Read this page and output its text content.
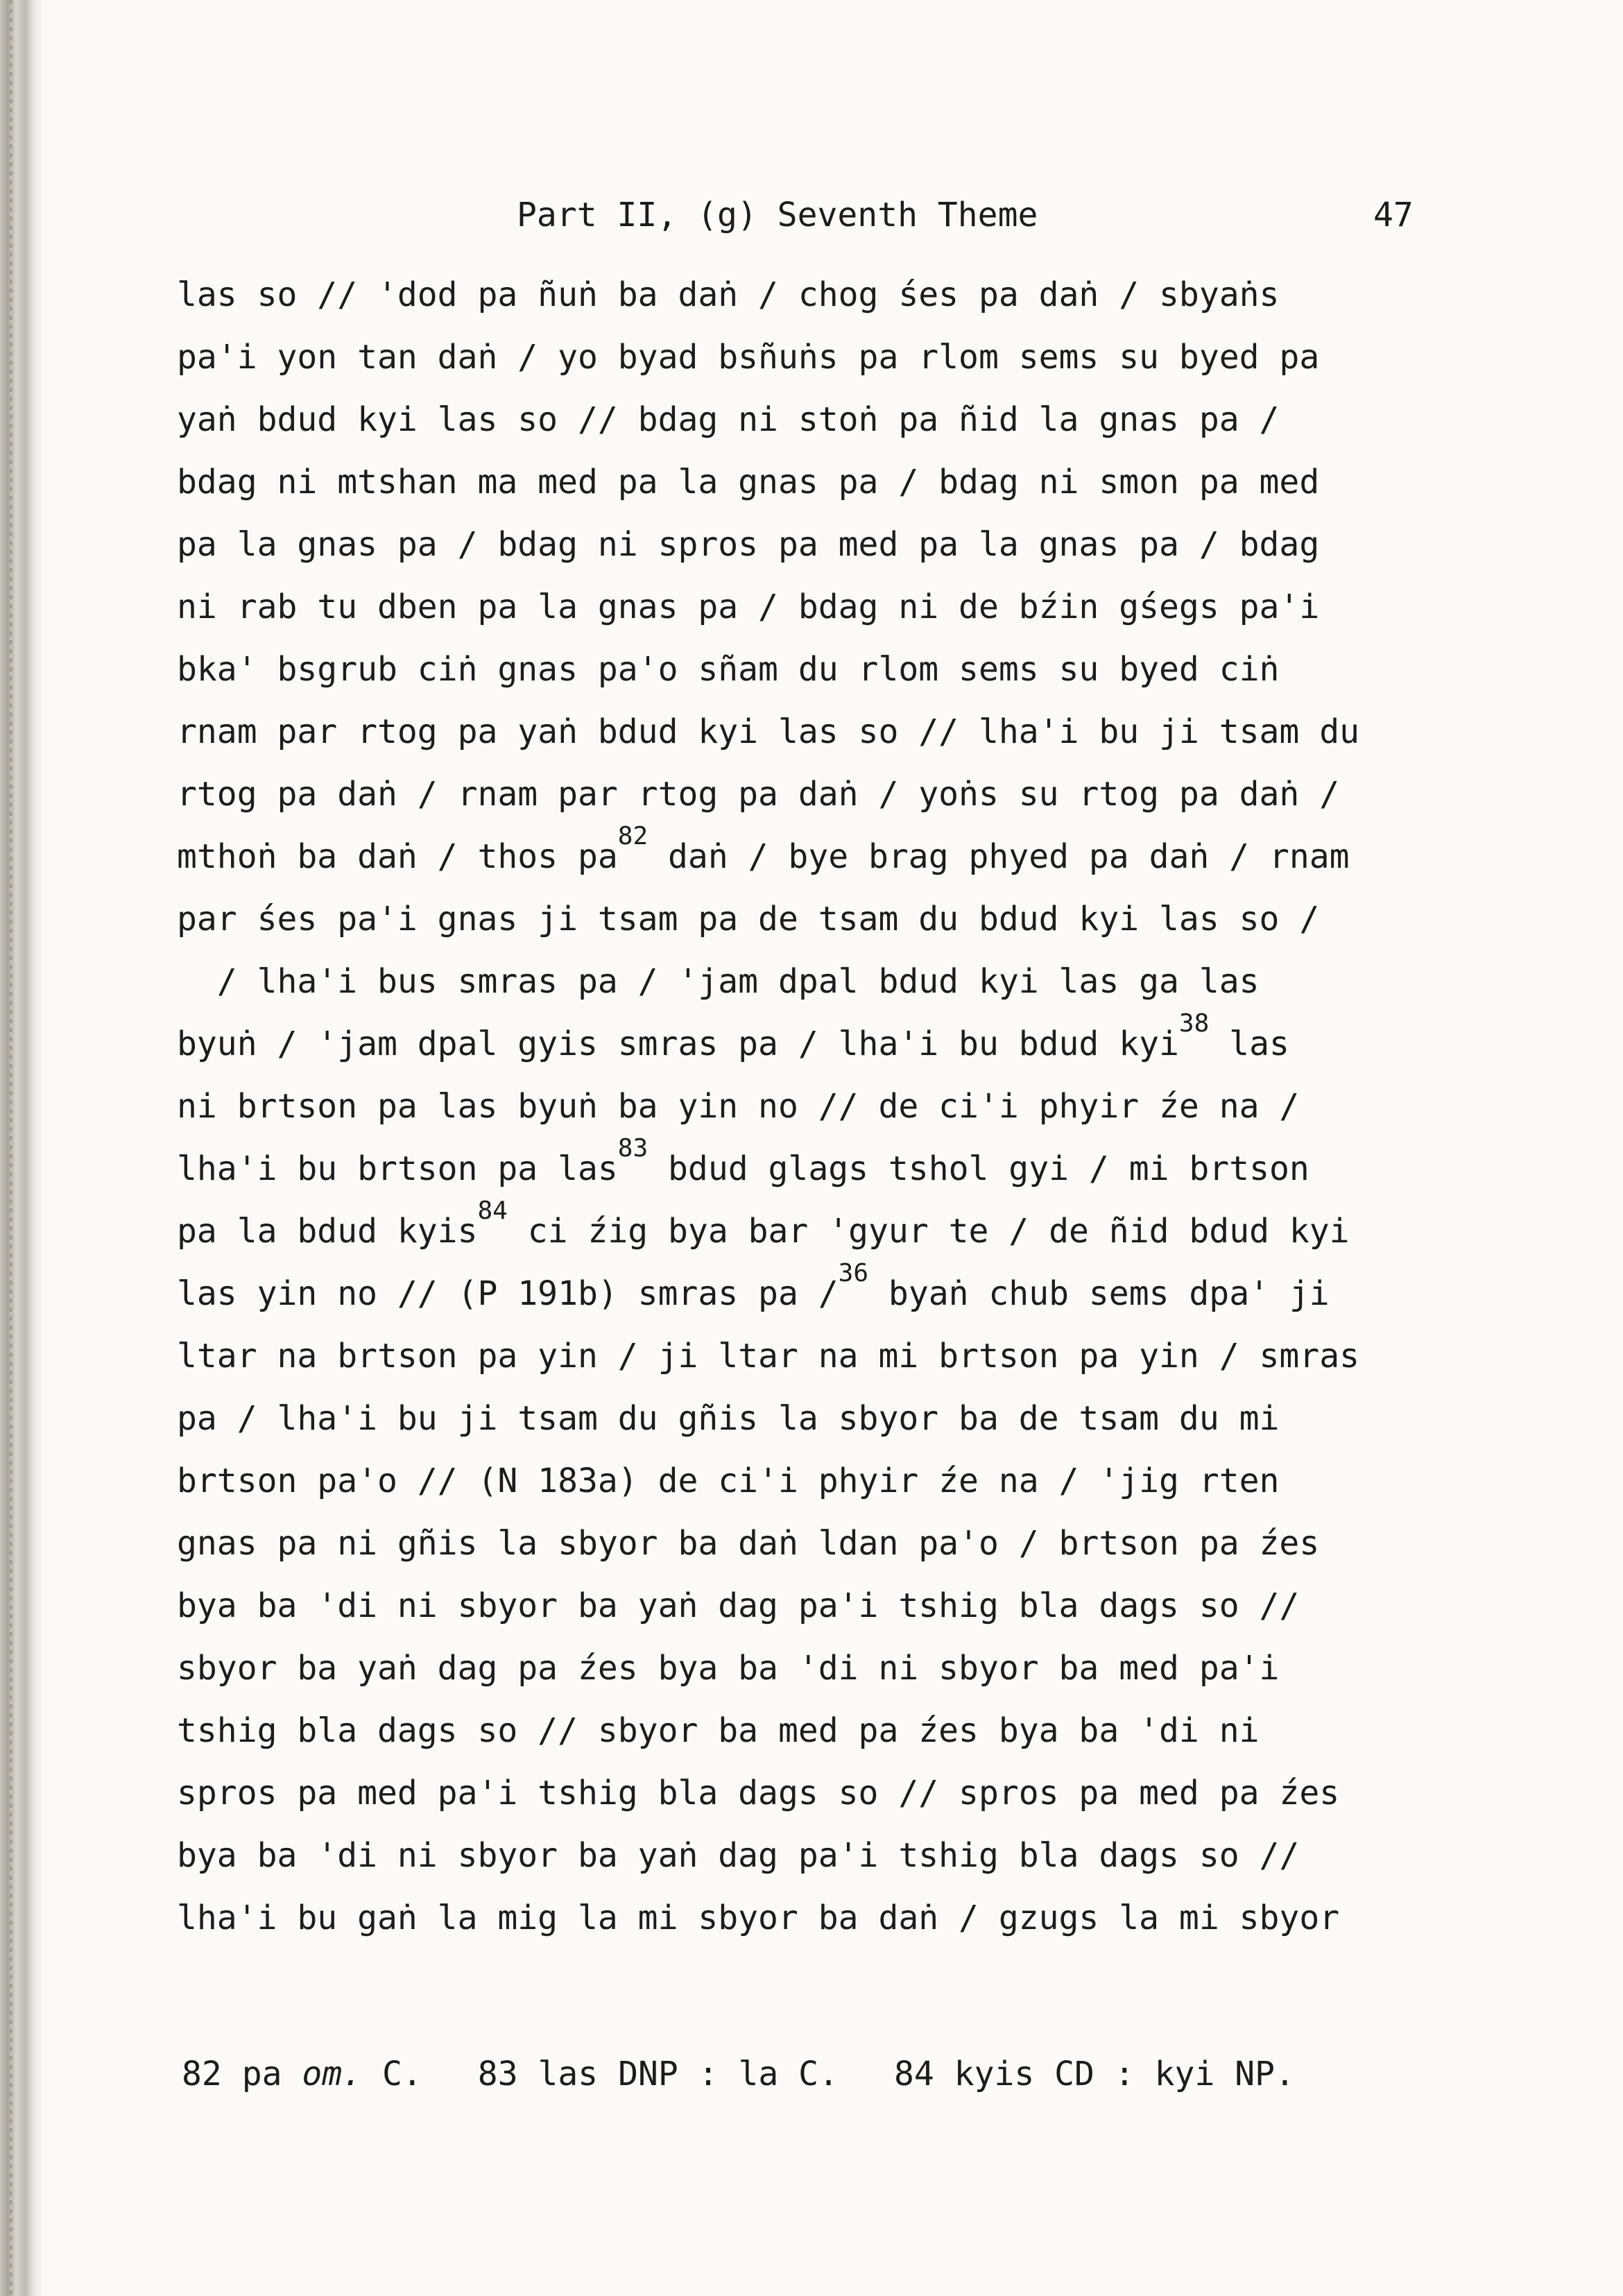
Part II, (g) Seventh Theme	47
las so // 'dod pa ñuṅ ba daṅ / chog śes pa daṅ / sbyaṅs
pa'i yon tan daṅ / yo byad bsñuṅs pa rlom sems su byed pa
yaṅ bdud kyi las so // bdag ni stoṅ pa ñid la gnas pa /
bdag ni mtshan ma med pa la gnas pa / bdag ni smon pa med
pa la gnas pa / bdag ni spros pa med pa la gnas pa / bdag
ni rab tu dben pa la gnas pa / bdag ni de bźin gśegs pa'i
bka' bsgrub ciṅ gnas pa'o sñam du rlom sems su byed ciṅ
rnam par rtog pa yaṅ bdud kyi las so // lha'i bu ji tsam du
rtog pa daṅ / rnam par rtog pa daṅ / yoṅs su rtog pa daṅ /
mthoṅ ba daṅ / thos $pa^{82}$ daṅ / bye brag phyed pa daṅ / rnam
par śes pa'i gnas ji tsam pa de tsam du bdud kyi las so /
/ lha'i bus smras pa / 'jam dpal bdud kyi las ga las
byuṅ / 'jam dpal gyis smras pa / lha'i bu bdud kyi$^{38}$ las
ni brtson pa las byuṅ ba yin no // de ci'i phyir źe na /
lha'i bu brtson pa las$^{83}$ bdud glags tshol gyi / mi brtson
pa la bdud kyis$^{84}$ ci źig bya bar 'gyur te / de ñid bdud kyi
las yin no // (P 191b) smras pa /$^{36}$ byaṅ chub sems dpa' ji
ltar na brtson pa yin / ji ltar na mi brtson pa yin / smras
pa / lha'i bu ji tsam du gñis la sbyor ba de tsam du mi
brtson pa'o // (N 183a) de ci'i phyir źe na / 'jig rten
gnas pa ni gñis la sbyor ba daṅ ldan pa'o / brtson pa źes
bya ba 'di ni sbyor ba yaṅ dag pa'i tshig bla dags so //
sbyor ba yaṅ dag pa źes bya ba 'di ni sbyor ba med pa'i
tshig bla dags so // sbyor ba med pa źes bya ba 'di ni
spros pa med pa'i tshig bla dags so // spros pa med pa źes
bya ba 'di ni sbyor ba yaṅ dag pa'i tshig bla dags so //
lha'i bu gaṅ la mig la mi sbyor ba daṅ / gzugs la mi sbyor
82 pa om. C. 83 las DNP : la C. 84 kyis CD : kyi NP.
